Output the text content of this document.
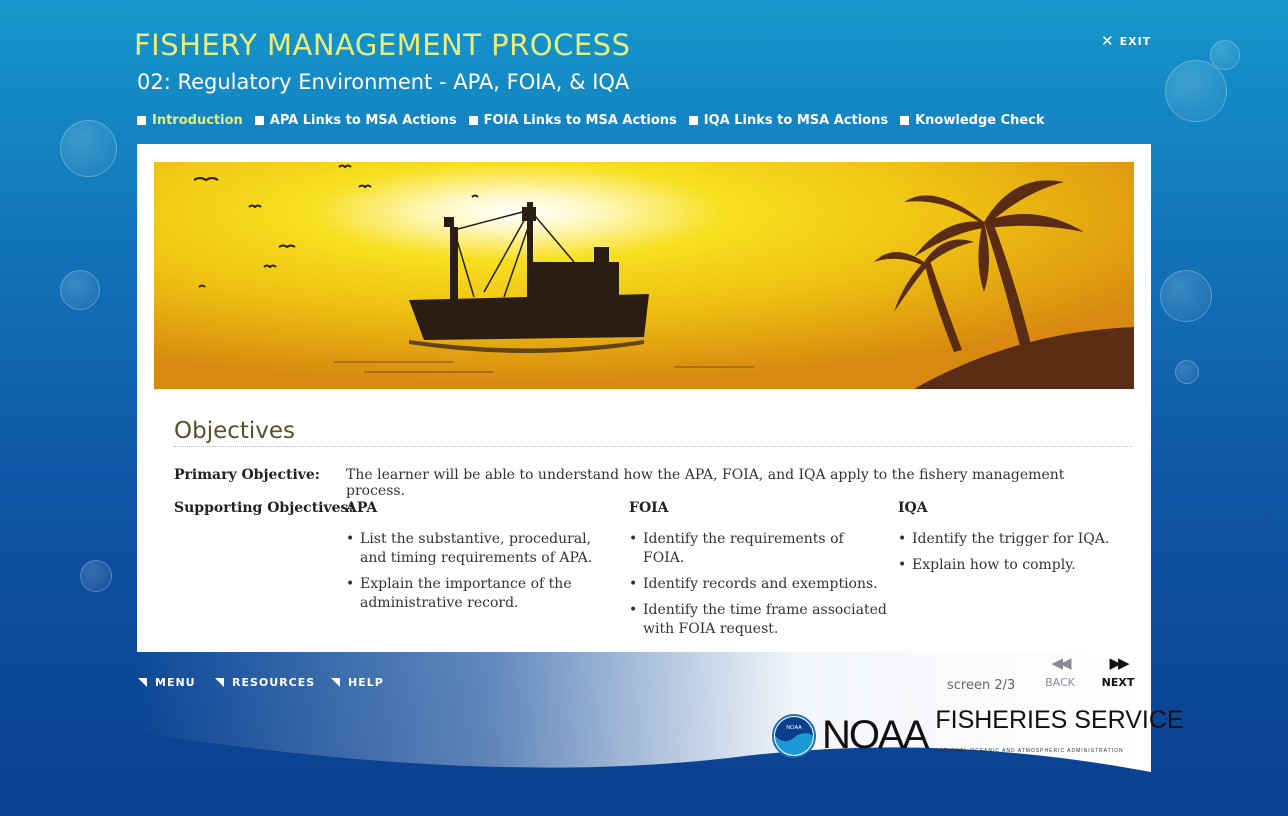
FISHERY MANAGEMENT PROCESS
02: Regulatory Environment - APA, FOIA, & IQA
✕ EXIT
Introduction APA Links to MSA Actions FOIA Links to MSA Actions IQA Links to MSA Actions Knowledge Check
Objectives
Primary Objective: The learner will be able to understand how the APA, FOIA, and IQA apply to the fishery management process.
Supporting Objectives:
APA
• List the substantive, procedural, and timing requirements of APA.
• Explain the importance of the administrative record.
FOIA
• Identify the requirements of FOIA.
• Identify records and exemptions.
• Identify the time frame associated with FOIA request.
IQA
• Identify the trigger for IQA.
• Explain how to comply.
MENU	RESOURCES	HELP	screen 2/3
◀◀
BACK
▶▶
NEXT
NOAA NOAA FISHERIES SERVICE
NATIONAL OCEANIC AND ATMOSPHERIC ADMINISTRATION
